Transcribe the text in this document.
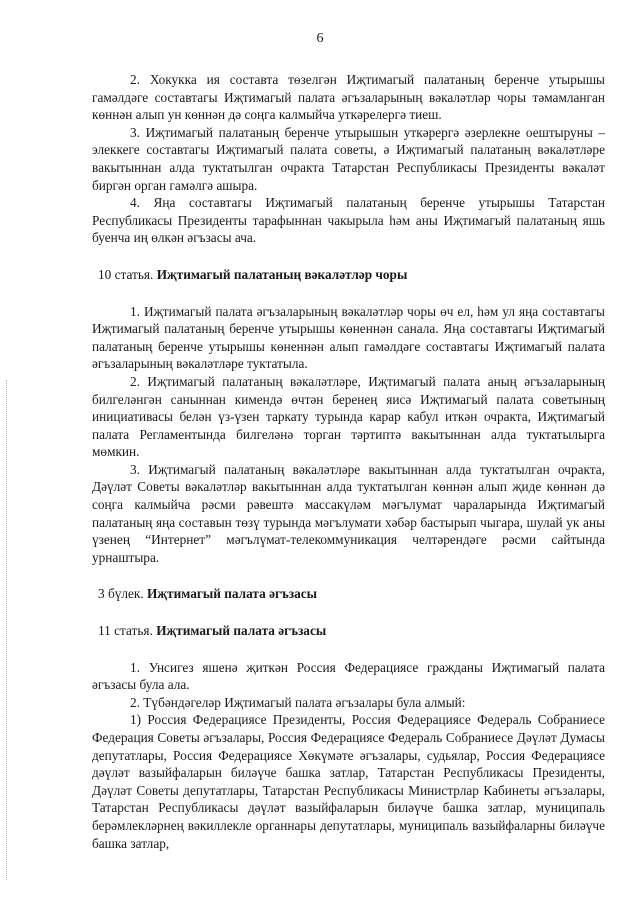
6

2. Хокукка ия составта төзелгән Иҗтимагый палатаның беренче утырышы гамәлдәге составтагы Иҗтимагый палата әгъзаларының вәкаләтләр чоры тәмамланган көннән алып ун көннән дә соңга калмыйча уткәрелергә тиеш.

3. Иҗтимагый палатаның беренче утырышын уткәрергә әзерлекне оештыруны – элеккеге составтагы Иҗтимагый палата советы, ә Иҗтимагый палатаның вәкаләтләре вакытыннан алда туктатылган очракта Татарстан Республикасы Президенты вәкаләт биргән орган гамәлгә ашыра.

4. Яңа составтагы Иҗтимагый палатаның беренче утырышы Татарстан Республикасы Президенты тарафыннан чакырыла һәм аны Иҗтимагый палатаның яшь буенча иң өлкән әгъзасы ача.

10 статья. Иҗтимагый палатаның вәкаләтләр чоры

1. Иҗтимагый палата әгъзаларының вәкаләтләр чоры өч ел, һәм ул яңа составтагы Иҗтимагый палатаның беренче утырышы көненнән санала. Яңа составтагы Иҗтимагый палатаның беренче утырышы көненнән алып гамәлдәге составтагы Иҗтимагый палата әгъзаларының вәкаләтләре туктатыла.

2. Иҗтимагый палатаның вәкаләтләре, Иҗтимагый палата аның әгъзаларының билгеләнгән саныннан кимендә өчтән беренең яисә Иҗтимагый палата советының инициативасы белән үз-үзен таркату турында карар кабул иткән очракта, Иҗтимагый палата Регламентында билгеләнә торган тәртиптә вакытыннан алда туктатылырга мөмкин.

3. Иҗтимагый палатаның вәкаләтләре вакытыннан алда туктатылган очракта, Дәүләт Советы вәкаләтләр вакытыннан алда туктатылган көннән алып җиде көннән дә соңга калмыйча рәсми рәвештә массакүләм мәгълумат чараларында Иҗтимагый палатаның яңа составын төзү турында мәгълумати хәбәр бастырып чыгара, шулай ук аны үзенең “Интернет” мәгълүмат-телекоммуникация челтәрендәге рәсми сайтында урнаштыра.

3 бүлек. Иҗтимагый палата әгъзасы

11 статья. Иҗтимагый палата әгъзасы

1. Унсигез яшенә җиткән Россия Федерациясе гражданы Иҗтимагый палата әгъзасы була ала.

2. Түбәндәгеләр Иҗтимагый палата әгъзалары була алмый:

1) Россия Федерациясе Президенты, Россия Федерациясе Федераль Собраниесе Федерация Советы әгъзалары, Россия Федерациясе Федераль Собраниесе Дәүләт Думасы депутатлары, Россия Федерациясе Хөкүмәте әгъзалары, судьялар, Россия Федерациясе дәүләт вазыйфаларын биләүче башка затлар, Татарстан Республикасы Президенты, Дәүләт Советы депутатлары, Татарстан Республикасы Министрлар Кабинеты әгъзалары, Татарстан Республикасы дәүләт вазыйфаларын биләүче башка затлар, муниципаль берәмлекләрнең вәкиллекле органнары депутатлары, муниципаль вазыйфаларны биләүче башка затлар,
